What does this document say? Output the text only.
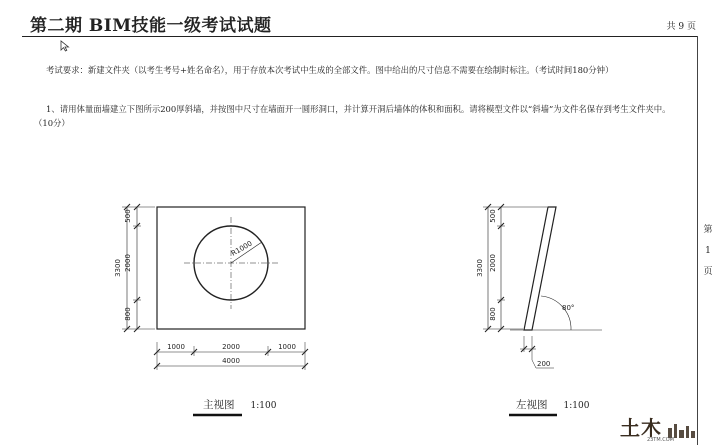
第二期 BIM技能一级考试试题	共 9 页
第
1
页
考试要求：新建文件夹（以考生考号+姓名命名），用于存放本次考试中生成的全部文件。图中给出的尺寸信息不需要在绘制时标注。（考试时间180分钟）
1、请用体量面墙建立下图所示200厚斜墙，并按图中尺寸在墙面开一圆形洞口，并计算开洞后墙体的体积和面积。请将模型文件以“斜墙”为文件名保存到考生文件夹中。（10分）
3300
500
2000
800
1000	2000	1000
4000
R1000
3300
500
2000
800	80°
200
主视图 1:100	左视图 1:100
土木
23TM.COM
